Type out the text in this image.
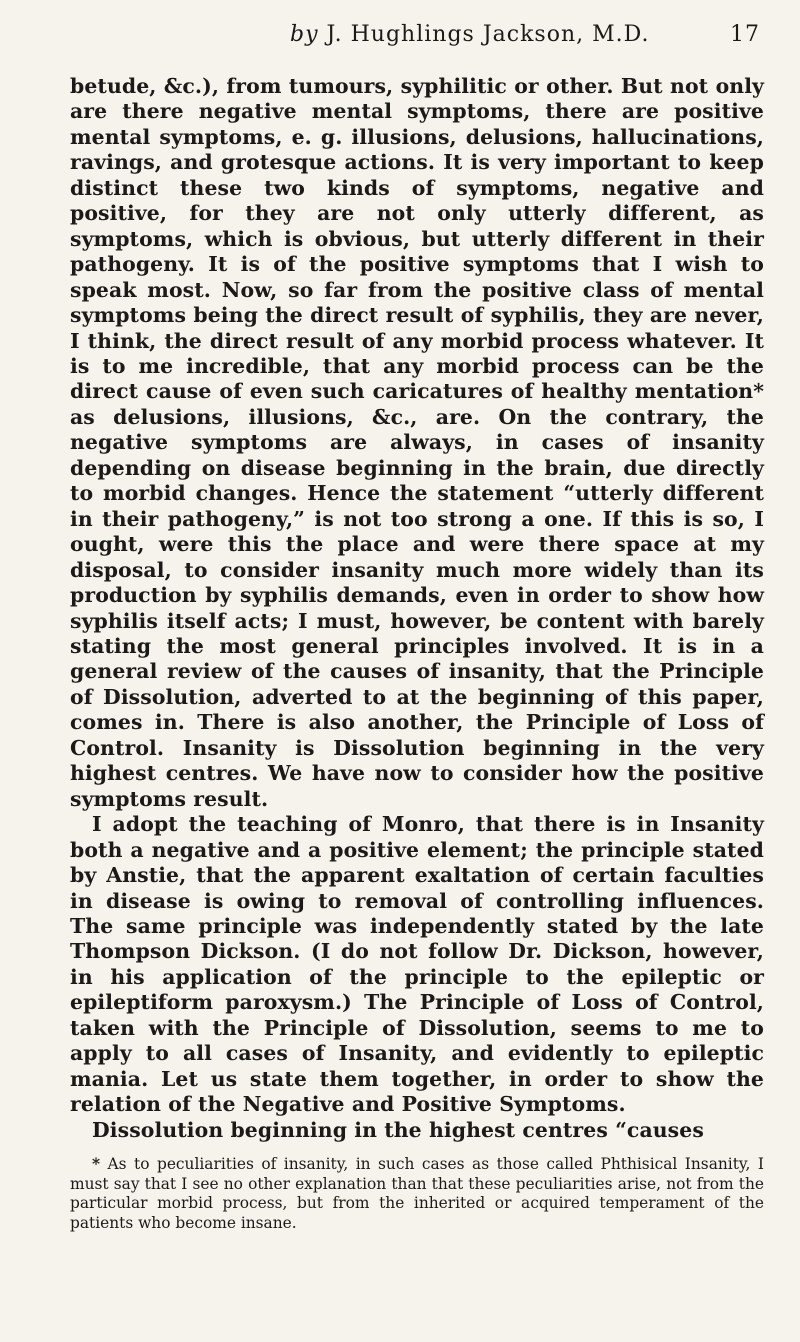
by J. Hughlings Jackson, M.D.	17

betude, &c.), from tumours, syphilitic or other. But not only are there negative mental symptoms, there are positive mental symptoms, e. g. illusions, delusions, hallucinations, ravings, and grotesque actions. It is very important to keep distinct these two kinds of symptoms, negative and positive, for they are not only utterly different, as symptoms, which is obvious, but utterly different in their pathogeny. It is of the positive symptoms that I wish to speak most. Now, so far from the positive class of mental symptoms being the direct result of syphilis, they are never, I think, the direct result of any morbid process whatever. It is to me incredible, that any morbid process can be the direct cause of even such caricatures of healthy mentation* as delusions, illusions, &c., are. On the contrary, the negative symptoms are always, in cases of insanity depending on disease beginning in the brain, due directly to morbid changes. Hence the statement “utterly different in their pathogeny,” is not too strong a one. If this is so, I ought, were this the place and were there space at my disposal, to consider insanity much more widely than its production by syphilis demands, even in order to show how syphilis itself acts; I must, however, be content with barely stating the most general principles involved. It is in a general review of the causes of insanity, that the Principle of Dissolution, adverted to at the beginning of this paper, comes in. There is also another, the Principle of Loss of Control. Insanity is Dissolution beginning in the very highest centres. We have now to consider how the positive symptoms result.

I adopt the teaching of Monro, that there is in Insanity both a negative and a positive element; the principle stated by Anstie, that the apparent exaltation of certain faculties in disease is owing to removal of controlling influences. The same principle was independently stated by the late Thompson Dickson. (I do not follow Dr. Dickson, however, in his application of the principle to the epileptic or epileptiform paroxysm.) The Principle of Loss of Control, taken with the Principle of Dissolution, seems to me to apply to all cases of Insanity, and evidently to epileptic mania. Let us state them together, in order to show the relation of the Negative and Positive Symptoms.

Dissolution beginning in the highest centres “causes

* As to peculiarities of insanity, in such cases as those called Phthisical Insanity, I must say that I see no other explanation than that these peculiarities arise, not from the particular morbid process, but from the inherited or acquired temperament of the patients who become insane.
